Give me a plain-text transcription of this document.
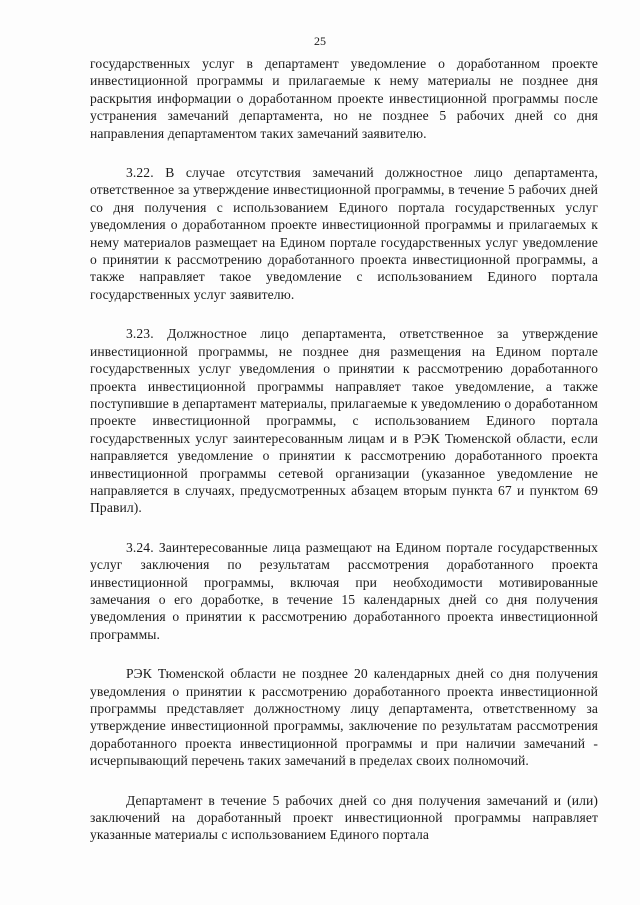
25

государственных услуг в департамент уведомление о доработанном проекте инвестиционной программы и прилагаемые к нему материалы не позднее дня раскрытия информации о доработанном проекте инвестиционной программы после устранения замечаний департамента, но не позднее 5 рабочих дней со дня направления департаментом таких замечаний заявителю.

3.22. В случае отсутствия замечаний должностное лицо департамента, ответственное за утверждение инвестиционной программы, в течение 5 рабочих дней со дня получения с использованием Единого портала государственных услуг уведомления о доработанном проекте инвестиционной программы и прилагаемых к нему материалов размещает на Едином портале государственных услуг уведомление о принятии к рассмотрению доработанного проекта инвестиционной программы, а также направляет такое уведомление с использованием Единого портала государственных услуг заявителю.

3.23. Должностное лицо департамента, ответственное за утверждение инвестиционной программы, не позднее дня размещения на Едином портале государственных услуг уведомления о принятии к рассмотрению доработанного проекта инвестиционной программы направляет такое уведомление, а также поступившие в департамент материалы, прилагаемые к уведомлению о доработанном проекте инвестиционной программы, с использованием Единого портала государственных услуг заинтересованным лицам и в РЭК Тюменской области, если направляется уведомление о принятии к рассмотрению доработанного проекта инвестиционной программы сетевой организации (указанное уведомление не направляется в случаях, предусмотренных абзацем вторым пункта 67 и пунктом 69 Правил).

3.24. Заинтересованные лица размещают на Едином портале государственных услуг заключения по результатам рассмотрения доработанного проекта инвестиционной программы, включая при необходимости мотивированные замечания о его доработке, в течение 15 календарных дней со дня получения уведомления о принятии к рассмотрению доработанного проекта инвестиционной программы.

РЭК Тюменской области не позднее 20 календарных дней со дня получения уведомления о принятии к рассмотрению доработанного проекта инвестиционной программы представляет должностному лицу департамента, ответственному за утверждение инвестиционной программы, заключение по результатам рассмотрения доработанного проекта инвестиционной программы и при наличии замечаний - исчерпывающий перечень таких замечаний в пределах своих полномочий.

Департамент в течение 5 рабочих дней со дня получения замечаний и (или) заключений на доработанный проект инвестиционной программы направляет указанные материалы с использованием Единого портала
